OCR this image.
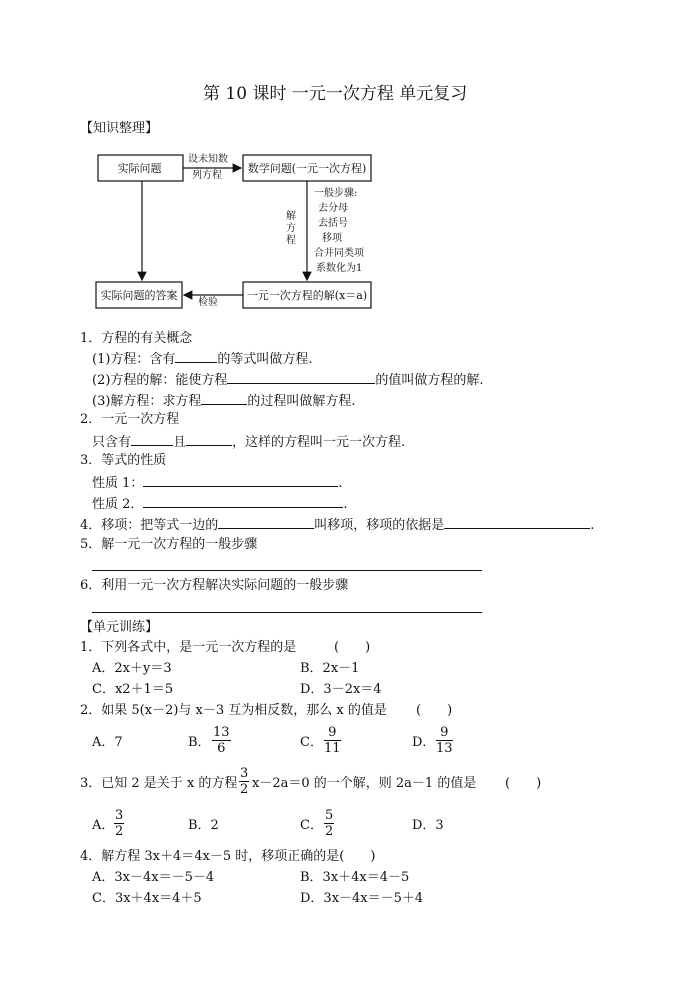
第 10 课时 一元一次方程 单元复习
【知识整理】
实际问题	数学问题(一元一次方程)
实际问题的答案	一元一次方程的解(x＝a)
设未知数
列方程
检验
解
方
程
一般步骤:
去分母
去括号
移项
合并同类项
系数化为1
1．方程的有关概念
(1)方程：含有	的等式叫做方程.
(2)方程的解：能使方程	的值叫做方程的解.
(3)解方程：求方程	的过程叫做解方程.
2．一元一次方程
只含有	且	，这样的方程叫一元一次方程.
3．等式的性质
性质 1：	.
性质 2．	.
4．移项：把等式一边的	叫移项，移项的依据是	.
5．解一元一次方程的一般步骤
6．利用一元一次方程解决实际问题的一般步骤
【单元训练】
1．下列各式中，是一元一次方程的是	(　　)
A．2x＋y＝3	B．2x－1
C．x2＋1＝5	D．3－2x＝4
2．如果 5(x－2)与 x－3 互为相反数，那么 x 的值是 (　　)
A．7	B． $\frac{13}{6}$	C． $\frac{9}{11}$	D． $\frac{9}{13}$
3．已知 2 是关于 x 的方程 $\frac{3}{2} x-2a=0$ 的一个解，则 2a－1 的值是 (　　)
A． $\frac{3}{2}$	B．2	C． $\frac{5}{2}$	D．3
4．解方程 3x＋4＝4x－5 时，移项正确的是(　　)
A．3x－4x＝－5－4	B．3x＋4x＝4－5
C．3x＋4x＝4＋5	D．3x－4x＝－5＋4
